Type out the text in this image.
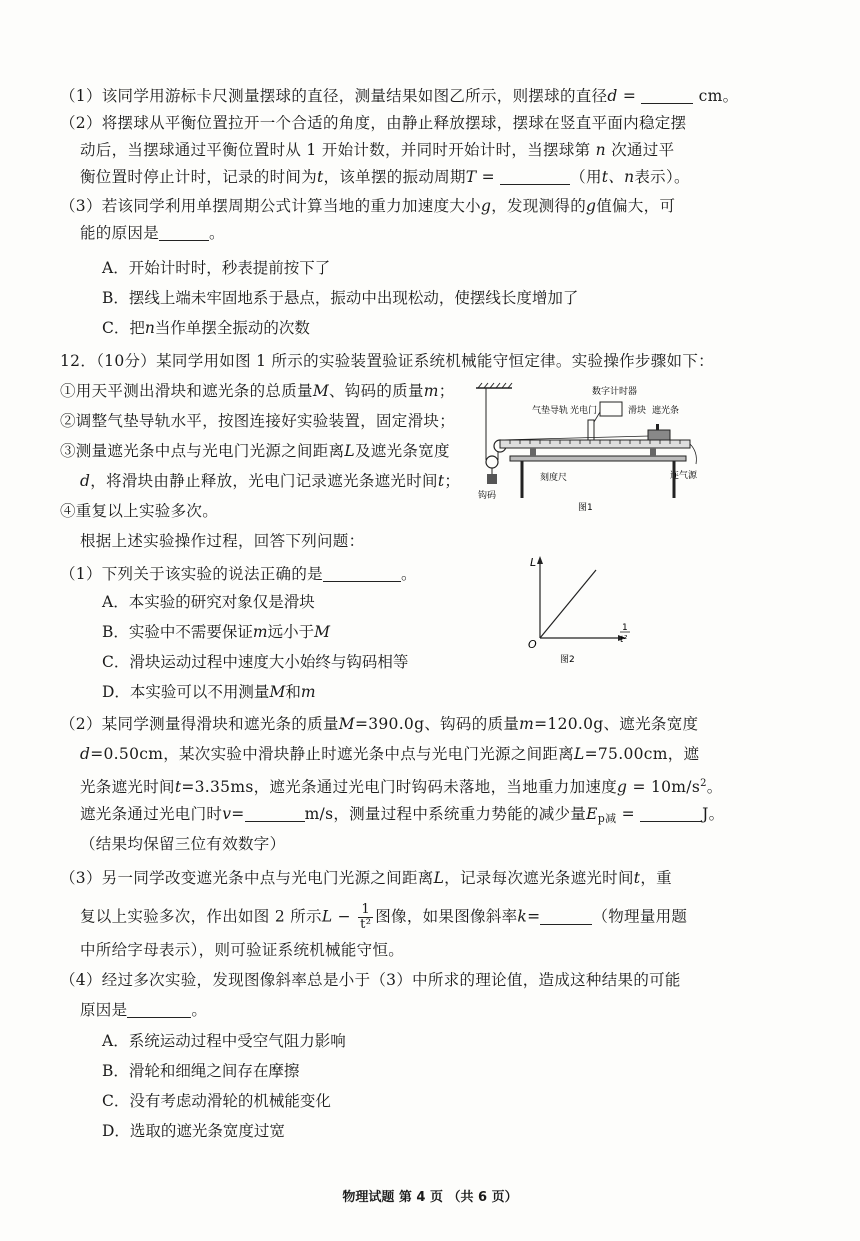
（1）该同学用游标卡尺测量摆球的直径，测量结果如图乙所示，则摆球的直径d =	cm。
（2）将摆球从平衡位置拉开一个合适的角度，由静止释放摆球，摆球在竖直平面内稳定摆
动后，当摆球通过平衡位置时从 1 开始计数，并同时开始计时，当摆球第 n 次通过平
衡位置时停止计时，记录的时间为t，该单摆的振动周期T =	（用t、n表示）。
（3）若该同学利用单摆周期公式计算当地的重力加速度大小g，发现测得的g值偏大，可
能的原因是	。
A．开始计时时，秒表提前按下了
B．摆线上端未牢固地系于悬点，振动中出现松动，使摆线长度增加了
C．把n当作单摆全振动的次数
12．（10分）某同学用如图 1 所示的实验装置验证系统机械能守恒定律。实验操作步骤如下：
①用天平测出滑块和遮光条的总质量M、钩码的质量m；
②调整气垫导轨水平，按图连接好实验装置，固定滑块；
③测量遮光条中点与光电门光源之间距离L及遮光条宽度
d，将滑块由静止释放，光电门记录遮光条遮光时间t；
④重复以上实验多次。
钩码
数字计时器
气垫导轨 光电门	滑块 遮光条
连气源
刻度尺
图1
根据上述实验操作过程，回答下列问题：
（1）下列关于该实验的说法正确的是	。
A．本实验的研究对象仅是滑块
B．实验中不需要保证m远小于M
C．滑块运动过程中速度大小始终与钩码相等
D．本实验可以不用测量M和m
L
O
1
t²
图2
（2）某同学测量得滑块和遮光条的质量M=390.0g、钩码的质量m=120.0g、遮光条宽度
d=0.50cm，某次实验中滑块静止时遮光条中点与光电门光源之间距离L=75.00cm，遮
光条遮光时间t=3.35ms，遮光条通过光电门时钩码未落地，当地重力加速度$g = 10m/s^2$。
遮光条通过光电门时v=	m/s，测量过程中系统重力势能的减少量$E_{p减}$ =	J。
（结果均保留三位有效数字）
（3）另一同学改变遮光条中点与光电门光源之间距离L，记录每次遮光条遮光时间t，重
复以上实验多次，作出如图 2 所示$L - \frac{1}{\text{t²}}$ 图像，如果图像斜率k=	（物理量用题
中所给字母表示），则可验证系统机械能守恒。
（4）经过多次实验，发现图像斜率总是小于（3）中所求的理论值，造成这种结果的可能
原因是	。
A．系统运动过程中受空气阻力影响
B．滑轮和细绳之间存在摩擦
C．没有考虑动滑轮的机械能变化
D．选取的遮光条宽度过宽
物理试题 第 4 页 （共 6 页）
